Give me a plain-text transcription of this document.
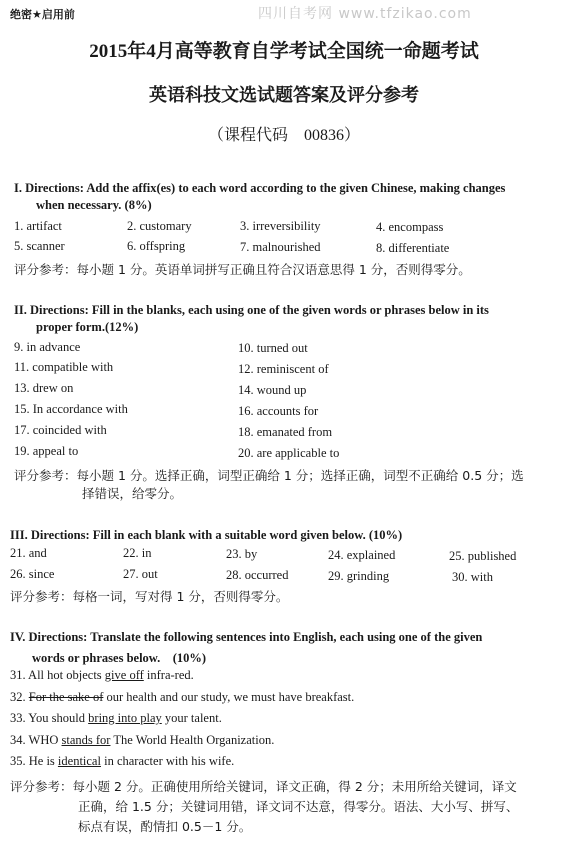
绝密★启用前	四川自考网 www.tfzikao.com
2015年4月高等教育自学考试全国统一命题考试
英语科技文选试题答案及评分参考
（课程代码　00836）
I. Directions: Add the affix(es) to each word according to the given Chinese, making changes
when necessary. (8%)
1. artifact	2. customary	3. irreversibility	4. encompass
5. scanner	6. offspring	7. malnourished	8. differentiate
评分参考：每小题 1 分。英语单词拼写正确且符合汉语意思得 1 分，否则得零分。
II. Directions: Fill in the blanks, each using one of the given words or phrases below in its
proper form.(12%)
9. in advance	10. turned out
11. compatible with	12. reminiscent of
13. drew on	14. wound up
15. In accordance with	16. accounts for
17. coincided with	18. emanated from
19. appeal to	20. are applicable to
评分参考：每小题 1 分。选择正确，词型正确给 1 分；选择正确，词型不正确给 0.5 分；选
择错误，给零分。
III. Directions: Fill in each blank with a suitable word given below. (10%)
21. and	22. in	23. by	24. explained	25. published
26. since	27. out	28. occurred	29. grinding	30. with
评分参考：每格一词，写对得 1 分，否则得零分。
IV. Directions: Translate the following sentences into English, each using one of the given
words or phrases below.　(10%)
31. All hot objects give off infra-red.
32. For the sake of our health and our study, we must have breakfast.
33. You should bring into play your talent.
34. WHO stands for The World Health Organization.
35. He is identical in character with his wife.
评分参考：每小题 2 分。正确使用所给关键词，译文正确，得 2 分；未用所给关键词，译文
正确，给 1.5 分；关键词用错，译文词不达意，得零分。语法、大小写、拼写、
标点有误，酌情扣 0.5－1 分。
